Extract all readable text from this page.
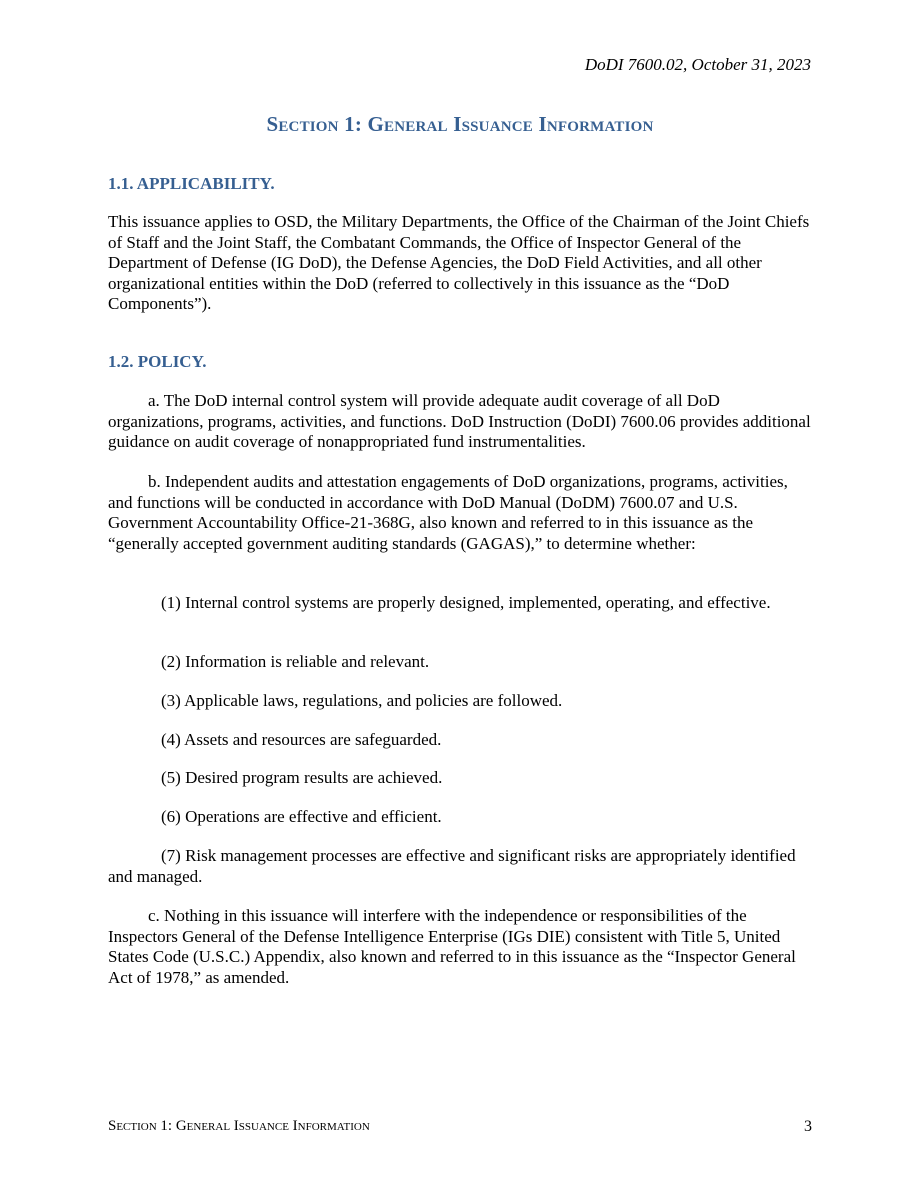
DoDI 7600.02, October 31, 2023
Section 1: General Issuance Information
1.1. APPLICABILITY.

This issuance applies to OSD, the Military Departments, the Office of the Chairman of the Joint Chiefs of Staff and the Joint Staff, the Combatant Commands, the Office of Inspector General of the Department of Defense (IG DoD), the Defense Agencies, the DoD Field Activities, and all other organizational entities within the DoD (referred to collectively in this issuance as the “DoD Components”).

1.2. POLICY.

a. The DoD internal control system will provide adequate audit coverage of all DoD organizations, programs, activities, and functions. DoD Instruction (DoDI) 7600.06 provides additional guidance on audit coverage of nonappropriated fund instrumentalities.

b. Independent audits and attestation engagements of DoD organizations, programs, activities, and functions will be conducted in accordance with DoD Manual (DoDM) 7600.07 and U.S. Government Accountability Office-21-368G, also known and referred to in this issuance as the “generally accepted government auditing standards (GAGAS),” to determine whether:

(1) Internal control systems are properly designed, implemented, operating, and effective.

(2) Information is reliable and relevant.

(3) Applicable laws, regulations, and policies are followed.

(4) Assets and resources are safeguarded.

(5) Desired program results are achieved.

(6) Operations are effective and efficient.

(7) Risk management processes are effective and significant risks are appropriately identified and managed.

c. Nothing in this issuance will interfere with the independence or responsibilities of the Inspectors General of the Defense Intelligence Enterprise (IGs DIE) consistent with Title 5, United States Code (U.S.C.) Appendix, also known and referred to in this issuance as the “Inspector General Act of 1978,” as amended.

Section 1: General Issuance Information	3
